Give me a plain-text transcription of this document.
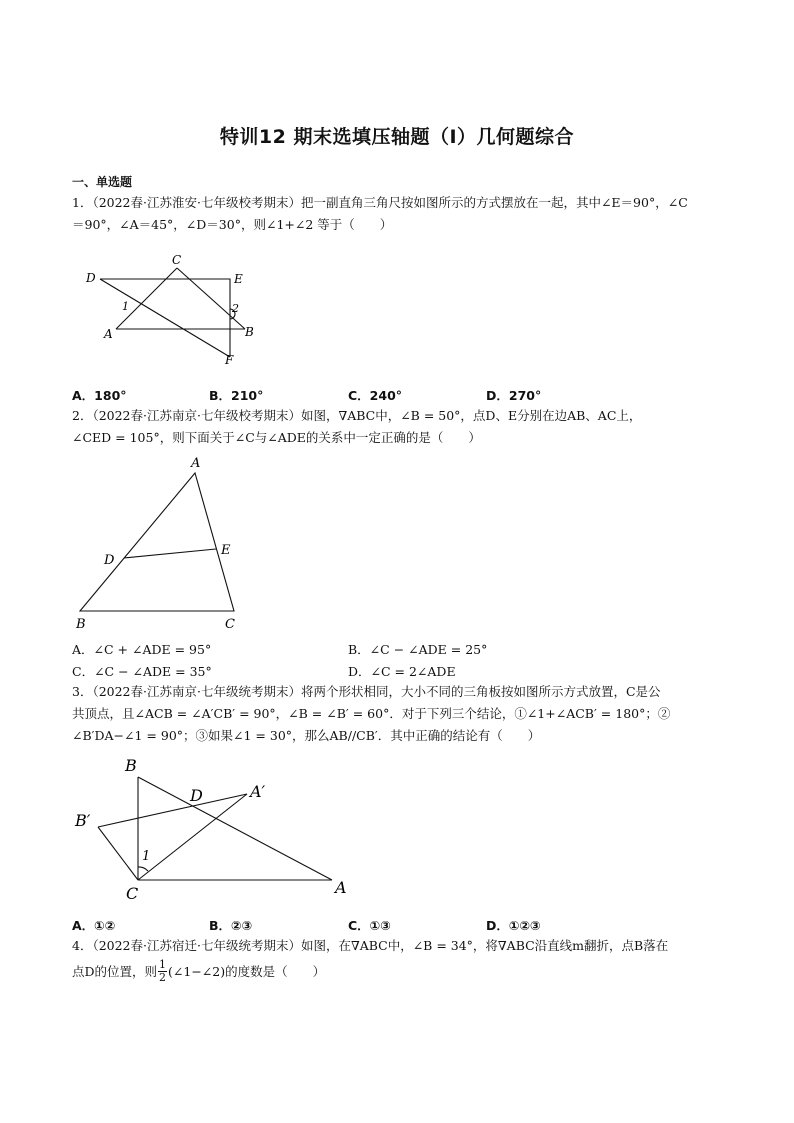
特训12 期末选填压轴题（Ⅰ）几何题综合
一、单选题
1．（2022春·江苏淮安·七年级校考期末）把一副直角三角尺按如图所示的方式摆放在一起，其中∠E＝90°，∠C
＝90°，∠A＝45°，∠D＝30°，则∠1+∠2 等于（　　）
C
D	E
1	2
A	B
F
A．180°	B．210°	C．240°	D．270°
2．（2022春·江苏南京·七年级校考期末）如图，∇ABC中，∠B = 50°，点D、E分别在边AB、AC上，
∠CED = 105°，则下面关于∠C与∠ADE的关系中一定正确的是（　　）
A
D
E
B	C
A．∠C + ∠ADE = 95°	B．∠C − ∠ADE = 25°
C．∠C − ∠ADE = 35°	D．∠C = 2∠ADE
3．（2022春·江苏南京·七年级统考期末）将两个形状相同，大小不同的三角板按如图所示方式放置，C是公
共顶点，且∠ACB = ∠A′CB′ = 90°，∠B = ∠B′ = 60°．对于下列三个结论，①∠1+∠ACB′ = 180°；②
∠B′DA−∠1 = 90°；③如果∠1 = 30°，那么AB//CB′．其中正确的结论有（　　）
B
D	A′
B′
1
C	A
A．①②	B．②③	C．①③	D．①②③
4．（2022春·江苏宿迁·七年级统考期末）如图，在∇ABC中，∠B = 34°，将∇ABC沿直线m翻折，点B落在
点D的位置，则 $\frac{1}{2}$ (∠1−∠2)的度数是（　　）
